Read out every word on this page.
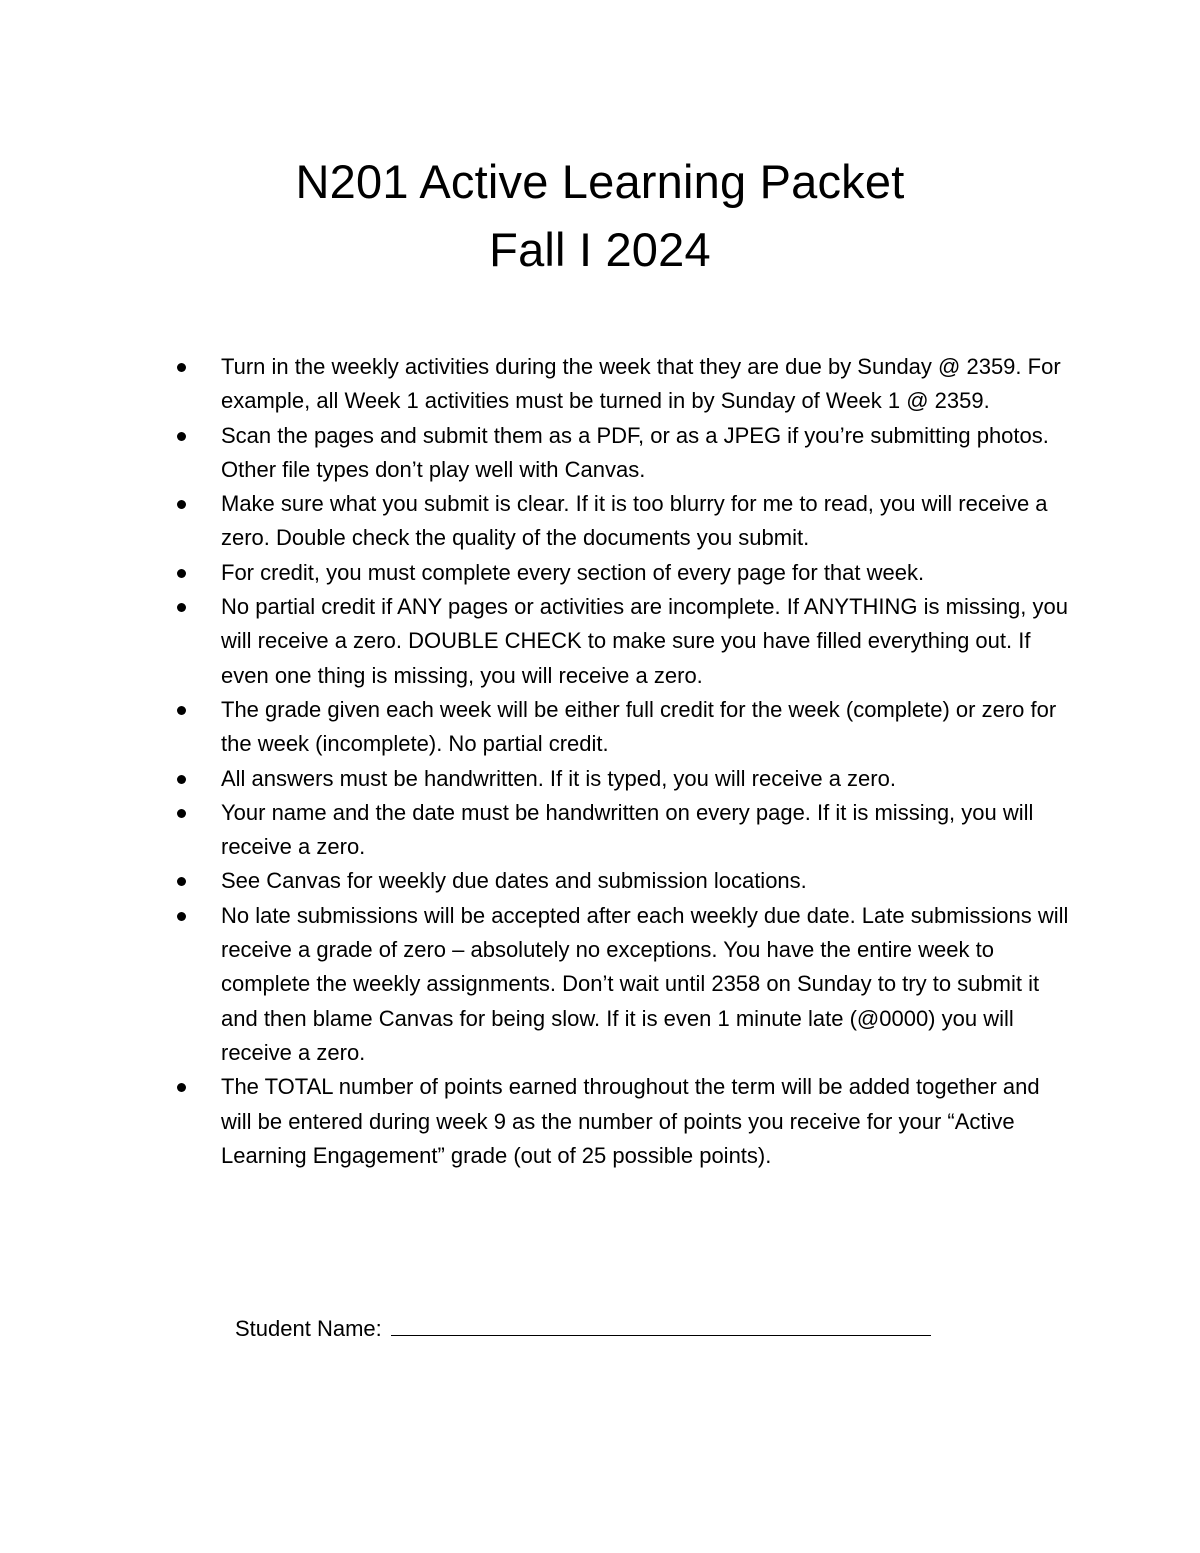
N201 Active Learning Packet
Fall I 2024
Turn in the weekly activities during the week that they are due by Sunday @ 2359. For example, all Week 1 activities must be turned in by Sunday of Week 1 @ 2359.
Scan the pages and submit them as a PDF, or as a JPEG if you’re submitting photos. Other file types don’t play well with Canvas.
Make sure what you submit is clear. If it is too blurry for me to read, you will receive a zero. Double check the quality of the documents you submit.
For credit, you must complete every section of every page for that week.
No partial credit if ANY pages or activities are incomplete. If ANYTHING is missing, you will receive a zero. DOUBLE CHECK to make sure you have filled everything out. If even one thing is missing, you will receive a zero.
The grade given each week will be either full credit for the week (complete) or zero for the week (incomplete). No partial credit.
All answers must be handwritten. If it is typed, you will receive a zero.
Your name and the date must be handwritten on every page. If it is missing, you will receive a zero.
See Canvas for weekly due dates and submission locations.
No late submissions will be accepted after each weekly due date. Late submissions will receive a grade of zero – absolutely no exceptions. You have the entire week to complete the weekly assignments. Don’t wait until 2358 on Sunday to try to submit it and then blame Canvas for being slow. If it is even 1 minute late (@0000) you will receive a zero.
The TOTAL number of points earned throughout the term will be added together and will be entered during week 9 as the number of points you receive for your “Active Learning Engagement” grade (out of 25 possible points).
Student Name:
